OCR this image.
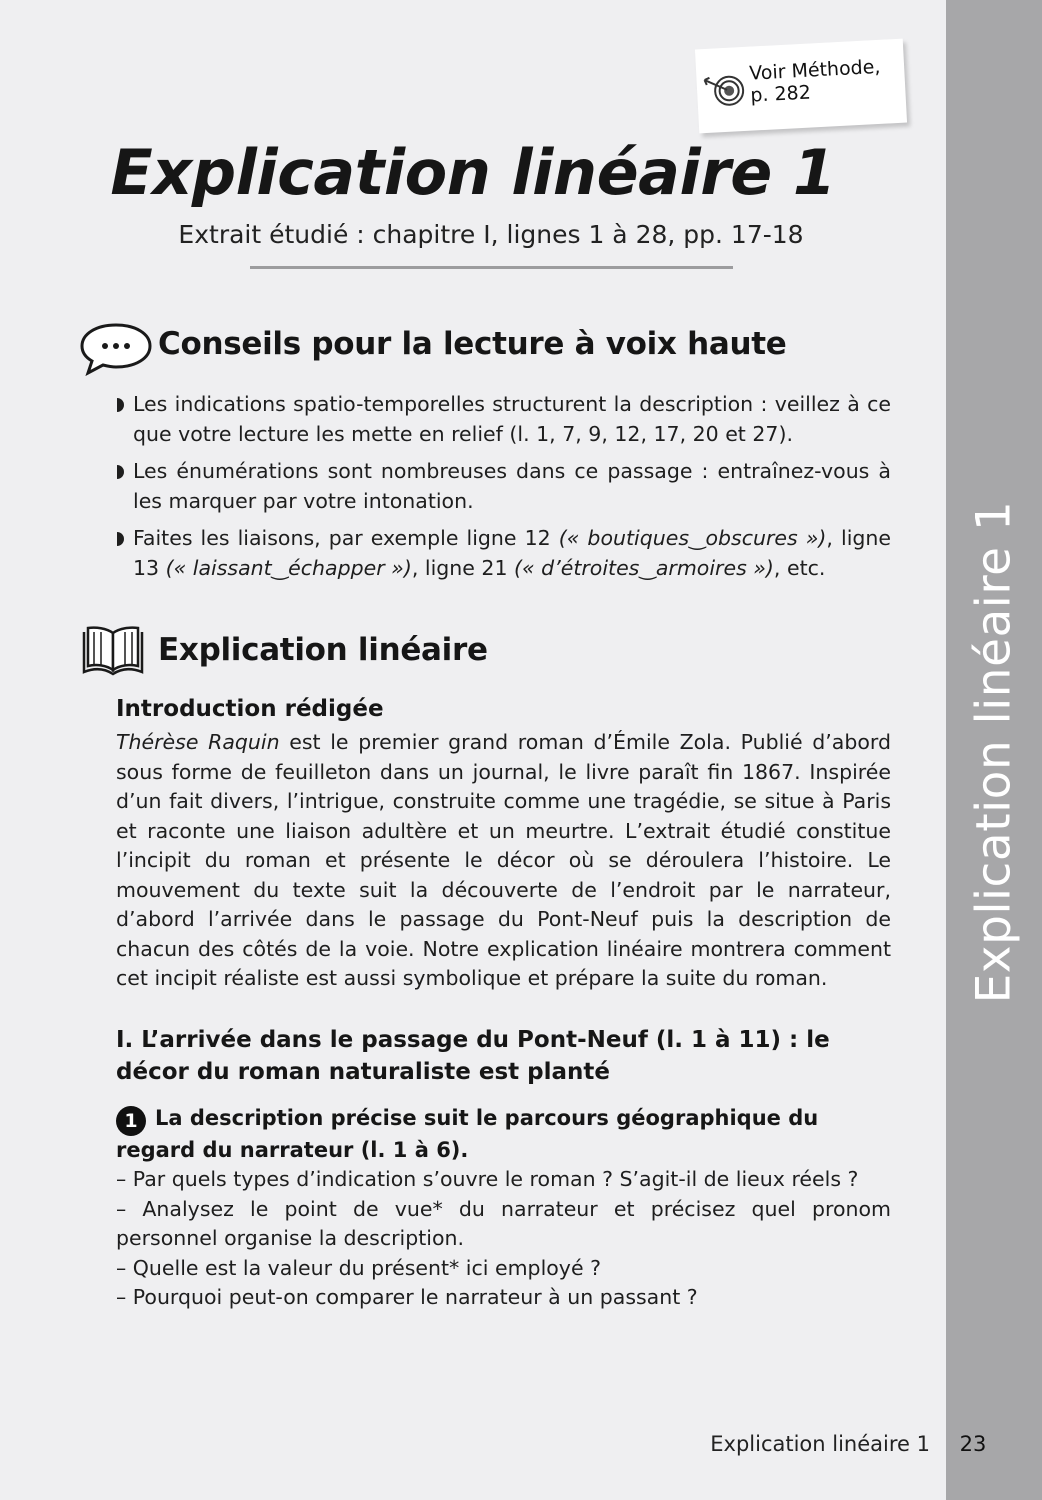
Explication linéaire 1
Voir Méthode,
p. 282
Explication linéaire 1

Extrait étudié : chapitre I, lignes 1 à 28, pp. 17-18

Conseils pour la lecture à voix haute

Les indications spatio-temporelles structurent la description : veillez à ce que votre lecture les mette en relief (l. 1, 7, 9, 12, 17, 20 et 27).

Les énumérations sont nombreuses dans ce passage : entraînez-vous à les marquer par votre intonation.

Faites les liaisons, par exemple ligne 12 (« boutiques‿obscures »), ligne 13 (« laissant‿échapper »), ligne 21 (« d’étroites‿armoires »), etc.

Explication linéaire

Introduction rédigée

Thérèse Raquin est le premier grand roman d’Émile Zola. Publié d’abord sous forme de feuilleton dans un journal, le livre paraît fin 1867. Inspirée d’un fait divers, l’intrigue, construite comme une tragédie, se situe à Paris et raconte une liaison adultère et un meurtre. L’extrait étudié constitue l’incipit du roman et présente le décor où se déroulera l’histoire. Le mouvement du texte suit la découverte de l’endroit par le narrateur, d’abord l’arrivée dans le passage du Pont-Neuf puis la description de chacun des côtés de la voie. Notre explication linéaire montrera comment cet incipit réaliste est aussi symbolique et prépare la suite du roman.

I. L’arrivée dans le passage du Pont-Neuf (l. 1 à 11) : le décor du roman naturaliste est planté

1 La description précise suit le parcours géographique du regard du narrateur (l. 1 à 6).

– Par quels types d’indication s’ouvre le roman ? S’agit-il de lieux réels ?

– Analysez le point de vue* du narrateur et précisez quel pronom personnel organise la description.

– Quelle est la valeur du présent* ici employé ?

– Pourquoi peut-on comparer le narrateur à un passant ?

Explication linéaire 1	23
